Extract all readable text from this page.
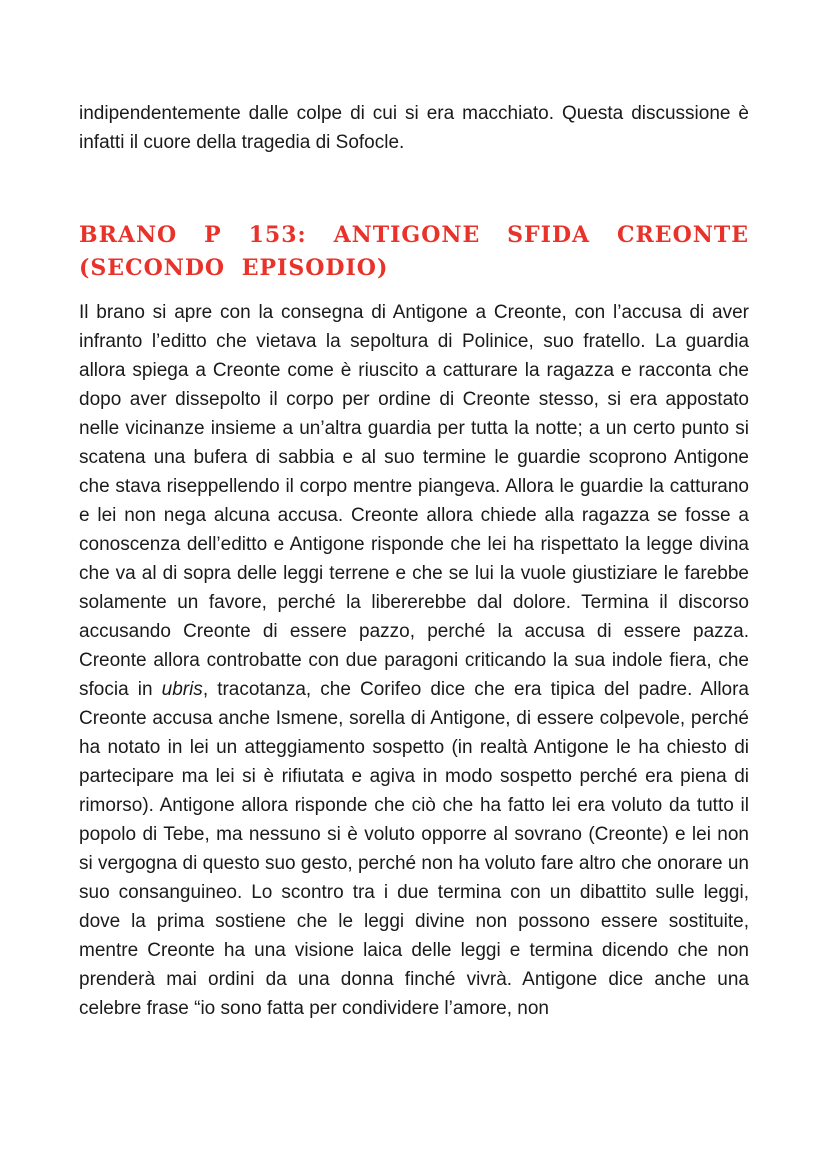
indipendentemente dalle colpe di cui si era macchiato. Questa discussione è infatti il cuore della tragedia di Sofocle.

BRANO P 153: ANTIGONE SFIDA CREONTE (SECONDO EPISODIO)

Il brano si apre con la consegna di Antigone a Creonte, con l’accusa di aver infranto l’editto che vietava la sepoltura di Polinice, suo fratello. La guardia allora spiega a Creonte come è riuscito a catturare la ragazza e racconta che dopo aver dissepolto il corpo per ordine di Creonte stesso, si era appostato nelle vicinanze insieme a un’altra guardia per tutta la notte; a un certo punto si scatena una bufera di sabbia e al suo termine le guardie scoprono Antigone che stava riseppellendo il corpo mentre piangeva. Allora le guardie la catturano e lei non nega alcuna accusa. Creonte allora chiede alla ragazza se fosse a conoscenza dell’editto e Antigone risponde che lei ha rispettato la legge divina che va al di sopra delle leggi terrene e che se lui la vuole giustiziare le farebbe solamente un favore, perché la libererebbe dal dolore. Termina il discorso accusando Creonte di essere pazzo, perché la accusa di essere pazza. Creonte allora controbatte con due paragoni criticando la sua indole fiera, che sfocia in ubris, tracotanza, che Corifeo dice che era tipica del padre. Allora Creonte accusa anche Ismene, sorella di Antigone, di essere colpevole, perché ha notato in lei un atteggiamento sospetto (in realtà Antigone le ha chiesto di partecipare ma lei si è rifiutata e agiva in modo sospetto perché era piena di rimorso). Antigone allora risponde che ciò che ha fatto lei era voluto da tutto il popolo di Tebe, ma nessuno si è voluto opporre al sovrano (Creonte) e lei non si vergogna di questo suo gesto, perché non ha voluto fare altro che onorare un suo consanguineo. Lo scontro tra i due termina con un dibattito sulle leggi, dove la prima sostiene che le leggi divine non possono essere sostituite, mentre Creonte ha una visione laica delle leggi e termina dicendo che non prenderà mai ordini da una donna finché vivrà. Antigone dice anche una celebre frase “io sono fatta per condividere l’amore, non
